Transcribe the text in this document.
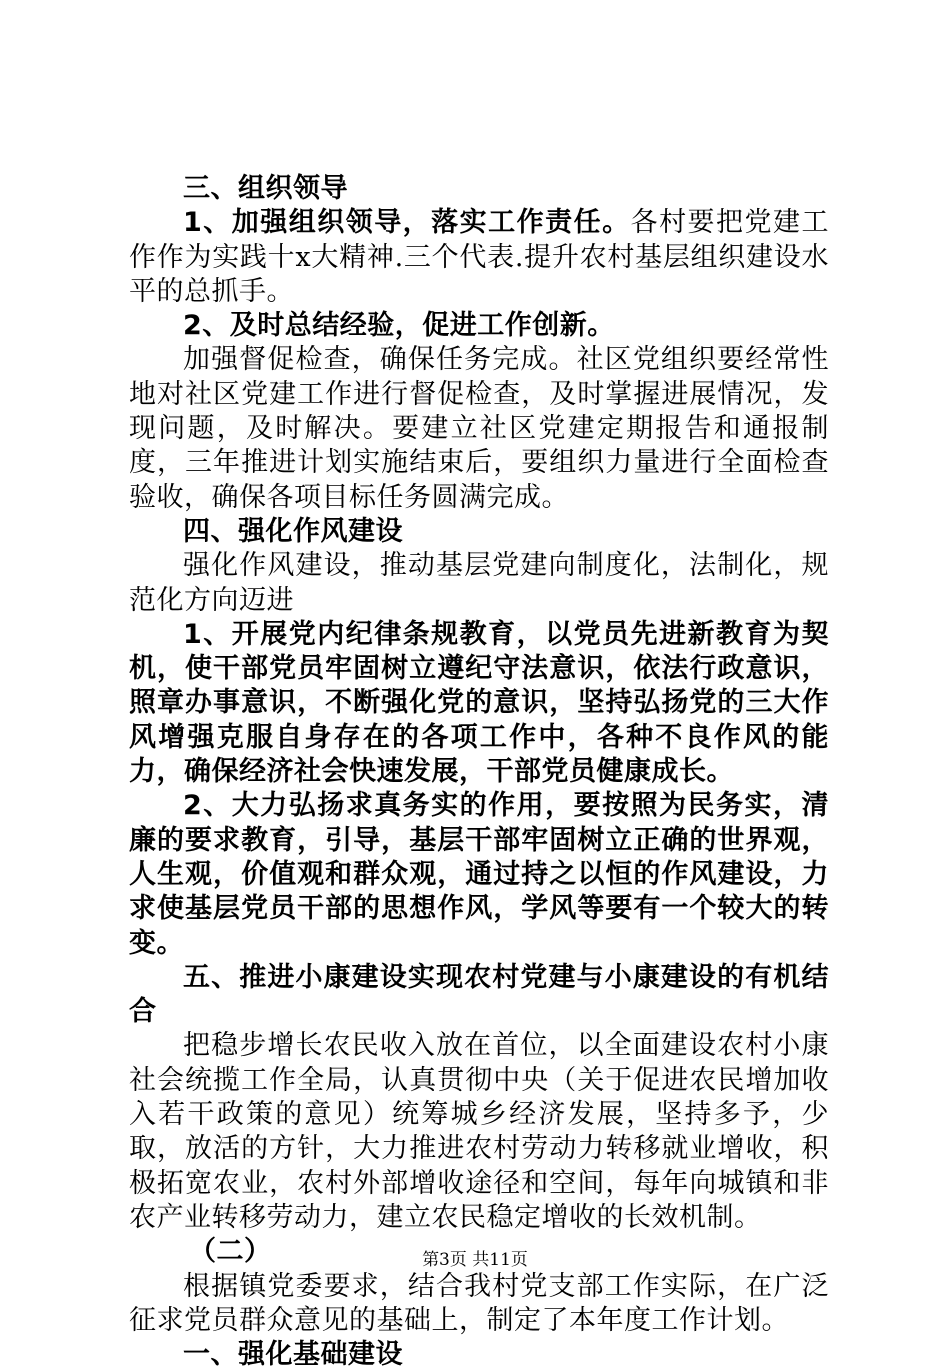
三、组织领导

1、加强组织领导，落实工作责任。各村要把党建工作作为实践十x大精神.三个代表.提升农村基层组织建设水平的总抓手。

2、及时总结经验，促进工作创新。

加强督促检查，确保任务完成。社区党组织要经常性地对社区党建工作进行督促检查，及时掌握进展情况，发现问题，及时解决。要建立社区党建定期报告和通报制度，三年推进计划实施结束后，要组织力量进行全面检查验收，确保各项目标任务圆满完成。

四、强化作风建设

强化作风建设，推动基层党建向制度化，法制化，规范化方向迈进

1、开展党内纪律条规教育，以党员先进新教育为契机，使干部党员牢固树立遵纪守法意识，依法行政意识，照章办事意识，不断强化党的意识，坚持弘扬党的三大作风增强克服自身存在的各项工作中，各种不良作风的能力，确保经济社会快速发展，干部党员健康成长。

2、大力弘扬求真务实的作用，要按照为民务实，清廉的要求教育，引导，基层干部牢固树立正确的世界观，人生观，价值观和群众观，通过持之以恒的作风建设，力求使基层党员干部的思想作风，学风等要有一个较大的转变。

五、推进小康建设实现农村党建与小康建设的有机结合

把稳步增长农民收入放在首位，以全面建设农村小康社会统揽工作全局，认真贯彻中央（关于促进农民增加收入若干政策的意见）统筹城乡经济发展，坚持多予，少取，放活的方针，大力推进农村劳动力转移就业增收，积极拓宽农业，农村外部增收途径和空间，每年向城镇和非农产业转移劳动力，建立农民稳定增收的长效机制。

（二）

根据镇党委要求，结合我村党支部工作实际，在广泛征求党员群众意见的基础上，制定了本年度工作计划。

一、强化基础建设

第3页 共11页
